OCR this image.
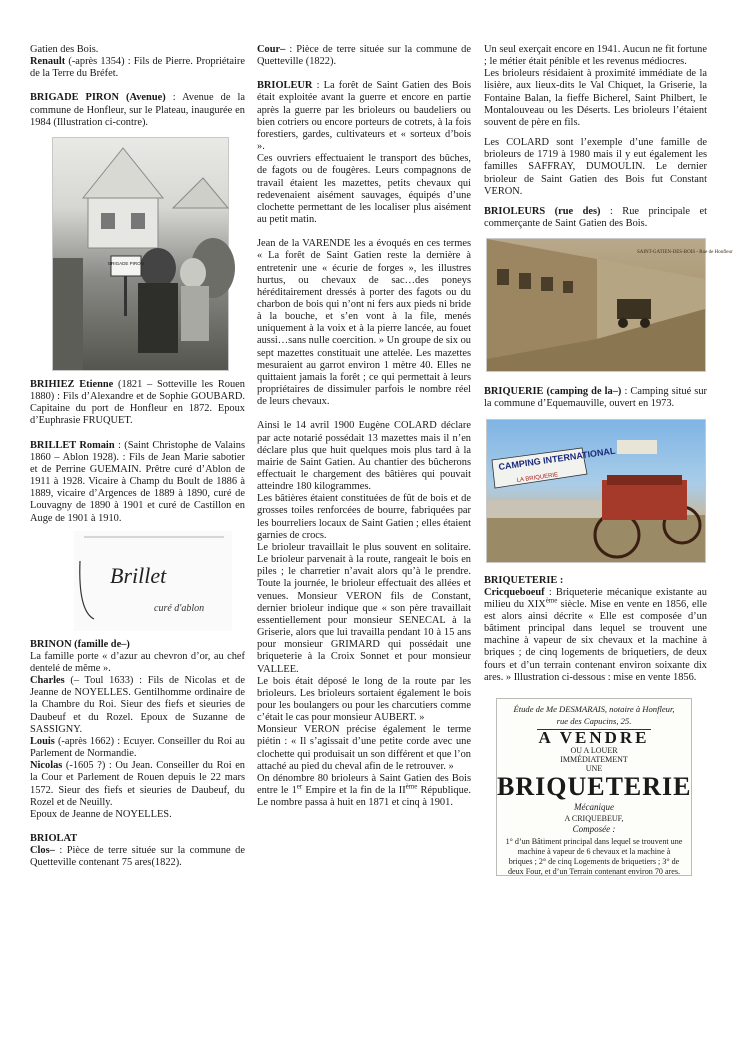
Gatien des Bois.

Renault (-après 1354) : Fils de Pierre. Propriétaire de la Terre du Bréfet.

BRIGADE PIRON (Avenue) : Avenue de la commune de Honfleur, sur le Plateau, inaugurée en 1984 (Illustration ci-contre).

BRIGADE PIRON

BRIHIEZ Etienne (1821 – Sotteville les Rouen 1880) : Fils d’Alexandre et de Sophie GOUBARD. Capitaine du port de Honfleur en 1872. Epoux d’Euphrasie FRUQUET.

BRILLET Romain : (Saint Christophe de Valains 1860 – Ablon 1928). : Fils de Jean Marie sabotier et de Perrine GUEMAIN. Prêtre curé d’Ablon de 1911 à 1928. Vicaire à Champ du Boult de 1886 à 1889, vicaire d’Argences de 1889 à 1890, curé de Louvagny de 1890 à 1901 et curé de Castillon en Auge de 1901 à 1910.

Brillet
curé d'ablon

BRINON (famille de–)

La famille porte « d’azur au chevron d’or, au chef dentelé de même ».

Charles (– Toul 1633) : Fils de Nicolas et de Jeanne de NOYELLES. Gentilhomme ordinaire de la Chambre du Roi. Sieur des fiefs et sieuries de Daubeuf et du Rozel. Epoux de Suzanne de SASSIGNY.

Louis (-après 1662) : Ecuyer. Conseiller du Roi au Parlement de Normandie.

Nicolas (-1605 ?) : Ou Jean. Conseiller du Roi en la Cour et Parlement de Rouen depuis le 22 mars 1572. Sieur des fiefs et sieuries de Daubeuf, du Rozel et de Neuilly.

Epoux de Jeanne de NOYELLES.

BRIOLAT

Clos– : Pièce de terre située sur la commune de Quetteville contenant 75 ares(1822).

Cour– : Pièce de terre située sur la commune de Quetteville (1822).

BRIOLEUR : La forêt de Saint Gatien des Bois était exploitée avant la guerre et encore en partie après la guerre par les brioleurs ou baudeliers ou bien cotriers ou encore porteurs de cotrets, à la fois forestiers, gardes, cultivateurs et « sorteux d’bois ».

Ces ouvriers effectuaient le transport des bûches, de fagots ou de fougères. Leurs compagnons de travail étaient les mazettes, petits chevaux qui redevenaient aisément sauvages, équipés d’une clochette permettant de les localiser plus aisément au petit matin.

Jean de la VARENDE les a évoqués en ces termes « La forêt de Saint Gatien reste la dernière à entretenir une « écurie de forges », les illustres hurtus, ou chevaux de sac…des poneys héréditairement dressés à porter des fagots ou du charbon de bois qui n’ont ni fers aux pieds ni bride à la bouche, et s’en vont à la file, menés uniquement à la voix et à la pierre lancée, au fouet aussi…sans nulle coercition. » Un groupe de six ou sept mazettes constituait une attelée. Les mazettes mesuraient au garrot environ 1 mètre 40. Elles ne quittaient jamais la forêt ; ce qui permettait à leurs propriétaires de dissimuler parfois le nombre réel de leurs chevaux.

Ainsi le 14 avril 1900 Eugène COLARD déclare par acte notarié possédait 13 mazettes mais il n’en déclare plus que huit quelques mois plus tard à la mairie de Saint Gatien. Au chantier des bûcherons effectuait le chargement des bâtières qui pouvait atteindre 180 kilogrammes.

Les bâtières étaient constituées de fût de bois et de grosses toiles renforcées de bourre, fabriquées par les bourreliers locaux de Saint Gatien ; elles étaient garnies de crocs.

Le brioleur travaillait le plus souvent en solitaire. Le brioleur parvenait à la route, rangeait le bois en piles ; le charretier n’avait alors qu’à le prendre. Toute la journée, le brioleur effectuait des allées et venues. Monsieur VERON fils de Constant, dernier brioleur indique que « son père travaillait essentiellement pour monsieur SENECAL à la Griserie, alors que lui travailla pendant 10 à 15 ans pour monsieur GRIMARD qui possédait une briqueterie à la Croix Sonnet et pour monsieur VALLEE.

Le bois était déposé le long de la route par les brioleurs. Les brioleurs sortaient également le bois pour les boulangers ou pour les charcutiers comme c’était le cas pour monsieur AUBERT. »

Monsieur VERON précise également le terme piétin : « Il s’agissait d’une petite corde avec une clochette qui produisait un son différent et que l’on attaché au pied du cheval afin de le retrouver. »

On dénombre 80 brioleurs à Saint Gatien des Bois entre le 1er Empire et la fin de la IIème République. Le nombre passa à huit en 1871 et cinq à 1901.

Un seul exerçait encore en 1941. Aucun ne fit fortune ; le métier était pénible et les revenus médiocres.

Les brioleurs résidaient à proximité immédiate de la lisière, aux lieux-dits le Val Chiquet, la Griserie, la Fontaine Balan, la fieffe Bicherel, Saint Philbert, le Montalouveau ou les Déserts. Les brioleurs l’étaient souvent de père en fils.

Les COLARD sont l’exemple d’une famille de brioleurs de 1719 à 1980 mais il y eut également les familles SAFFRAY, DUMOULIN. Le dernier brioleur de Saint Gatien des Bois fut Constant VERON.

BRIOLEURS (rue des) : Rue principale et commerçante de Saint Gatien des Bois.

SAINT-GATIEN-DES-BOIS - Rue de Honfleur

BRIQUERIE (camping de la–) : Camping situé sur la commune d’Equemauville, ouvert en 1973.

CAMPING INTERNATIONAL
LA BRIQUERIE

BRIQUETERIE :

Cricqueboeuf : Briqueterie mécanique existante au milieu du XIXème siècle. Mise en vente en 1856, elle est alors ainsi décrite « Elle est composée d’un bâtiment principal dans lequel se trouvent une machine à vapeur de six chevaux et la machine à briques ; de cinq logements de briquetiers, de deux fours et d’un terrain contenant environ soixante dix ares. » Illustration ci-dessous : mise en vente 1856.

Étude de Me DESMARAIS, notaire à Honfleur,
rue des Capucins, 25.
A VENDRE
OU A LOUER
IMMÉDIATEMENT
UNE
BRIQUETERIE
Mécanique
A CRIQUEBEUF,
Composée :
1° d’un Bâtiment principal dans lequel se trouvent une machine à vapeur de 6 chevaux et la machine à briques ; 2° de cinq Logements de briquetiers ; 3° de deux Four, et d’un Terrain contenant environ 70 ares.
